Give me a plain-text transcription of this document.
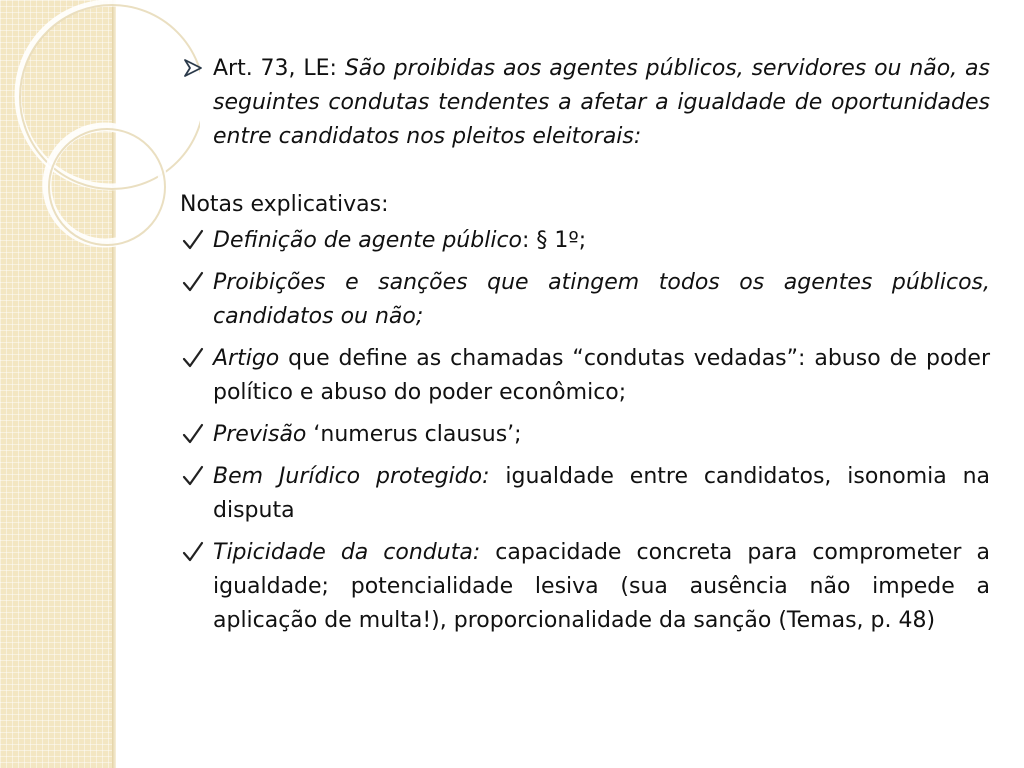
Art. 73, LE: São proibidas aos agentes públicos, servidores ou não, as seguintes condutas tendentes a afetar a igualdade de oportunidades entre candidatos nos pleitos eleitorais:
Notas explicativas:
Definição de agente público: § 1º;
Proibições e sanções que atingem todos os agentes públicos, candidatos ou não;
Artigo que define as chamadas “condutas vedadas”: abuso de poder político e abuso do poder econômico;
Previsão ‘numerus clausus’;
Bem Jurídico protegido: igualdade entre candidatos, isonomia na disputa
Tipicidade da conduta: capacidade concreta para comprometer a igualdade; potencialidade lesiva (sua ausência não impede a aplicação de multa!), proporcionalidade da sanção (Temas, p. 48)
